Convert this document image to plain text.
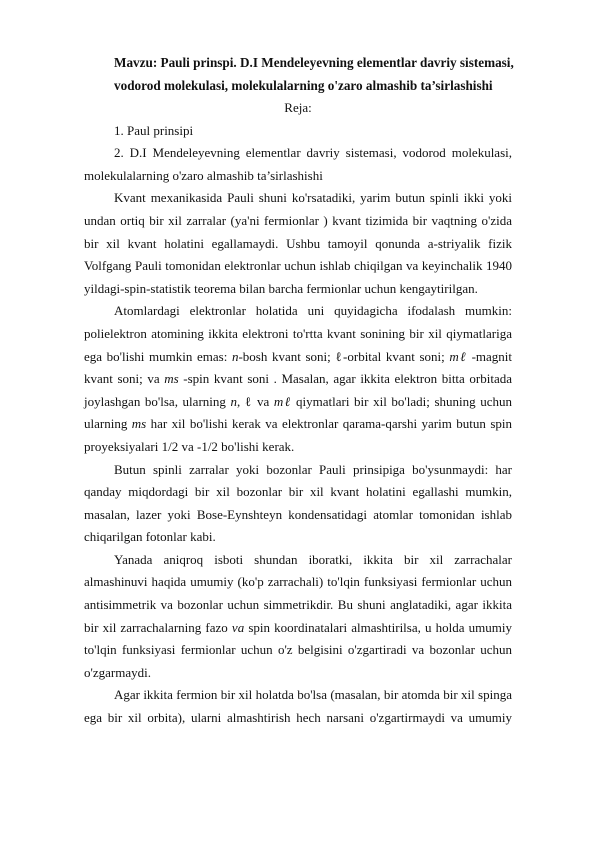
Mavzu: Pauli prinspi. D.I Mendeleyevning elementlar davriy sistemasi,
vodorod molekulasi, molekulalarning o'zaro almashib ta’sirlashishi
Reja:

1. Paul prinsipi

2. D.I Mendeleyevning elementlar davriy sistemasi, vodorod molekulasi, molekulalarning o'zaro almashib ta’sirlashishi

Kvant mexanikasida Pauli shuni ko'rsatadiki, yarim butun spinli ikki yoki undan ortiq bir xil zarralar (ya'ni fermionlar ) kvant tizimida bir vaqtning o'zida bir xil kvant holatini egallamaydi. Ushbu tamoyil qonunda a-striyalik fizik Volfgang Pauli tomonidan elektronlar uchun ishlab chiqilgan va keyinchalik 1940 yildagi-spin-statistik teorema bilan barcha fermionlar uchun kengaytirilgan.

Atomlardagi elektronlar holatida uni quyidagicha ifodalash mumkin: polielektron atomining ikkita elektroni to'rtta kvant sonining bir xil qiymatlariga ega bo'lishi mumkin emas: n-bosh kvant soni; ℓ-orbital kvant soni; mℓ -magnit kvant soni; va ms -spin kvant soni . Masalan, agar ikkita elektron bitta orbitada joylashgan bo'lsa, ularning n, ℓ va mℓ qiymatlari bir xil bo'ladi; shuning uchun ularning ms har xil bo'lishi kerak va elektronlar qarama-qarshi yarim butun spin proyeksiyalari 1/2 va -1/2 bo'lishi kerak.

Butun spinli zarralar yoki bozonlar Pauli prinsipiga bo'ysunmaydi: har qanday miqdordagi bir xil bozonlar bir xil kvant holatini egallashi mumkin, masalan, lazer yoki Bose-Eynshteyn kondensatidagi atomlar tomonidan ishlab chiqarilgan fotonlar kabi.

Yanada aniqroq isboti shundan iboratki, ikkita bir xil zarrachalar almashinuvi haqida umumiy (ko'p zarrachali) to'lqin funksiyasi fermionlar uchun antisimmetrik va bozonlar uchun simmetrikdir. Bu shuni anglatadiki, agar ikkita bir xil zarrachalarning fazo va spin koordinatalari almashtirilsa, u holda umumiy to'lqin funksiyasi fermionlar uchun o'z belgisini o'zgartiradi va bozonlar uchun o'zgarmaydi.

Agar ikkita fermion bir xil holatda bo'lsa (masalan, bir atomda bir xil spinga ega bir xil orbita), ularni almashtirish hech narsani o'zgartirmaydi va umumiy
